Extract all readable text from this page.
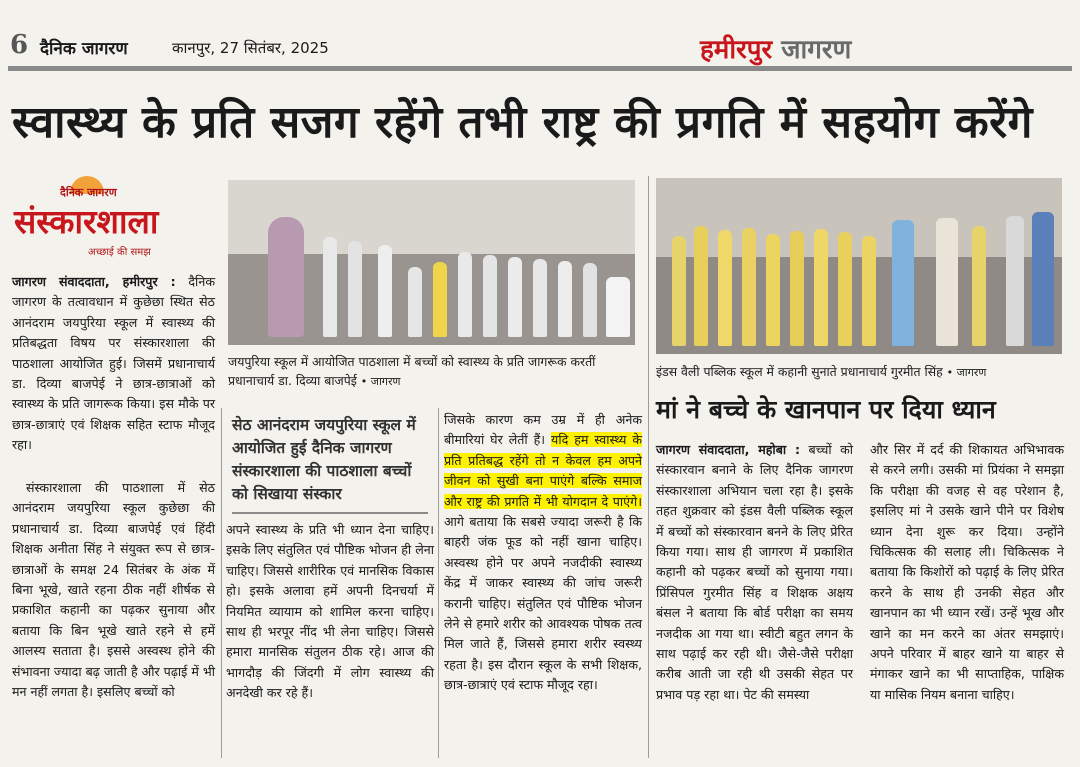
6 दैनिक जागरण	कानपुर, 27 सितंबर, 2025	हमीरपुर जागरण
स्वास्थ्य के प्रति सजग रहेंगे तभी राष्ट्र की प्रगति में सहयोग करेंगे
दैनिक जागरण
संस्कारशाला
अच्छाई की समझ
जयपुरिया स्कूल में आयोजित पाठशाला में बच्चों को स्वास्थ्य के प्रति जागरूक करतीं प्रधानाचार्य डा. दिव्या बाजपेई • जागरण
इंडस वैली पब्लिक स्कूल में कहानी सुनाते प्रधानाचार्य गुरमीत सिंह • जागरण
जागरण संवाददाता, हमीरपुर : दैनिक जागरण के तत्वावधान में कुछेछा स्थित सेठ आनंदराम जयपुरिया स्कूल में स्वास्थ्य की प्रतिबद्धता विषय पर संस्कारशाला की पाठशाला आयोजित हुई। जिसमें प्रधानाचार्य डा. दिव्या बाजपेई ने छात्र-छात्राओं को स्वास्थ्य के प्रति जागरूक किया। इस मौके पर छात्र-छात्राएं एवं शिक्षक सहित स्टाफ मौजूद रहा।
संस्कारशाला की पाठशाला में सेठ आनंदराम जयपुरिया स्कूल कुछेछा की प्रधानाचार्य डा. दिव्या बाजपेई एवं हिंदी शिक्षक अनीता सिंह ने संयुक्त रूप से छात्र-छात्राओं के समक्ष 24 सितंबर के अंक में बिना भूखे, खाते रहना ठीक नहीं शीर्षक से प्रकाशित कहानी का पढ़कर सुनाया और बताया कि बिन भूखे खाते रहने से हमें आलस्य सताता है। इससे अस्वस्थ होने की संभावना ज्यादा बढ़ जाती है और पढ़ाई में भी मन नहीं लगता है। इसलिए बच्चों को
सेठ आनंदराम जयपुरिया स्कूल में आयोजित हुई दैनिक जागरण संस्कारशाला की पाठशाला बच्चों को सिखाया संस्कार
अपने स्वास्थ्य के प्रति भी ध्यान देना चाहिए। इसके लिए संतुलित एवं पौष्टिक भोजन ही लेना चाहिए। जिससे शारीरिक एवं मानसिक विकास हो। इसके अलावा हमें अपनी दिनचर्या में नियमित व्यायाम को शामिल करना चाहिए। साथ ही भरपूर नींद भी लेना चाहिए। जिससे हमारा मानसिक संतुलन ठीक रहे। आज की भागदौड़ की जिंदगी में लोग स्वास्थ्य की अनदेखी कर रहे हैं।
जिसके कारण कम उम्र में ही अनेक बीमारियां घेर लेतीं हैं। यदि हम स्वास्थ्य के प्रति प्रतिबद्ध रहेंगे तो न केवल हम अपने जीवन को सुखी बना पाएंगे बल्कि समाज और राष्ट्र की प्रगति में भी योगदान दे पाएंगे। आगे बताया कि सबसे ज्यादा जरूरी है कि बाहरी जंक फूड को नहीं खाना चाहिए। अस्वस्थ होने पर अपने नजदीकी स्वास्थ्य केंद्र में जाकर स्वास्थ्य की जांच जरूरी करानी चाहिए। संतुलित एवं पौष्टिक भोजन लेने से हमारे शरीर को आवश्यक पोषक तत्व मिल जाते हैं, जिससे हमारा शरीर स्वस्थ्य रहता है। इस दौरान स्कूल के सभी शिक्षक, छात्र-छात्राएं एवं स्टाफ मौजूद रहा।
मां ने बच्चे के खानपान पर दिया ध्यान
जागरण संवाददाता, महोबा : बच्चों को संस्कारवान बनाने के लिए दैनिक जागरण संस्कारशाला अभियान चला रहा है। इसके तहत शुक्रवार को इंडस वैली पब्लिक स्कूल में बच्चों को संस्कारवान बनने के लिए प्रेरित किया गया। साथ ही जागरण में प्रकाशित कहानी को पढ़कर बच्चों को सुनाया गया। प्रिंसिपल गुरमीत सिंह व शिक्षक अक्षय बंसल ने बताया कि बोर्ड परीक्षा का समय नजदीक आ गया था। स्वीटी बहुत लगन के साथ पढ़ाई कर रही थी। जैसे-जैसे परीक्षा करीब आती जा रही थी उसकी सेहत पर प्रभाव पड़ रहा था। पेट की समस्या
और सिर में दर्द की शिकायत अभिभावक से करने लगी। उसकी मां प्रियंका ने समझा कि परीक्षा की वजह से वह परेशान है, इसलिए मां ने उसके खाने पीने पर विशेष ध्यान देना शुरू कर दिया। उन्होंने चिकित्सक की सलाह ली। चिकित्सक ने बताया कि किशोरों को पढ़ाई के लिए प्रेरित करने के साथ ही उनकी सेहत और खानपान का भी ध्यान रखें। उन्हें भूख और खाने का मन करने का अंतर समझाएं। अपने परिवार में बाहर खाने या बाहर से मंगाकर खाने का भी साप्ताहिक, पाक्षिक या मासिक नियम बनाना चाहिए।
